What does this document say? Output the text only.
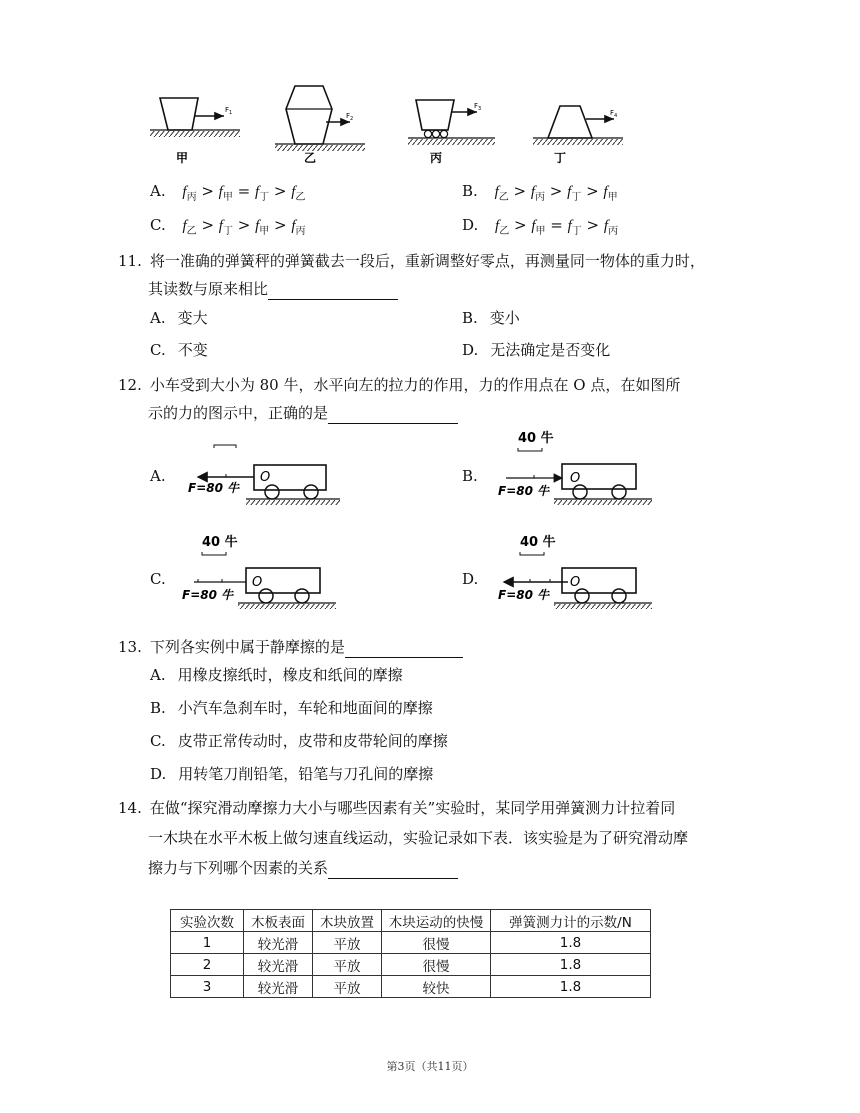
$F_1$
甲
$F_2$
乙
$F_3$
丙
$F_4$
丁
A. $f_丙 > f_甲 = f_丁 > f_乙$	B. $f_乙 > f_丙 > f_丁 > f_甲$
C. $f_乙 > f_丁 > f_甲 > f_丙$	D. $f_乙 > f_甲 = f_丁 > f_丙$
11. 将一准确的弹簧秤的弹簧截去一段后，重新调整好零点，再测量同一物体的重力时，
其读数与原来相比
A. 变大	B. 变小
C. 不变	D. 无法确定是否变化
12. 小车受到大小为 80 牛，水平向左的拉力的作用，力的作用点在 O 点，在如图所
示的力的图示中，正确的是
A.	O
F=80 牛
B.
40 牛
O
F=80 牛
C.
40 牛
O
F=80 牛
D.
40 牛
O
F=80 牛
13. 下列各实例中属于静摩擦的是
A. 用橡皮擦纸时，橡皮和纸间的摩擦
B. 小汽车急刹车时，车轮和地面间的摩擦
C. 皮带正常传动时，皮带和皮带轮间的摩擦
D. 用转笔刀削铅笔，铅笔与刀孔间的摩擦
14. 在做“探究滑动摩擦力大小与哪些因素有关”实验时，某同学用弹簧测力计拉着同
一木块在水平木板上做匀速直线运动，实验记录如下表．该实验是为了研究滑动摩
擦力与下列哪个因素的关系
实验次数	木板表面	木块放置	木块运动的快慢	弹簧测力计的示数/N
1	较光滑	平放	很慢	1.8
2	较光滑	平放	很慢	1.8
3	较光滑	平放	较快	1.8
第3页（共11页）
